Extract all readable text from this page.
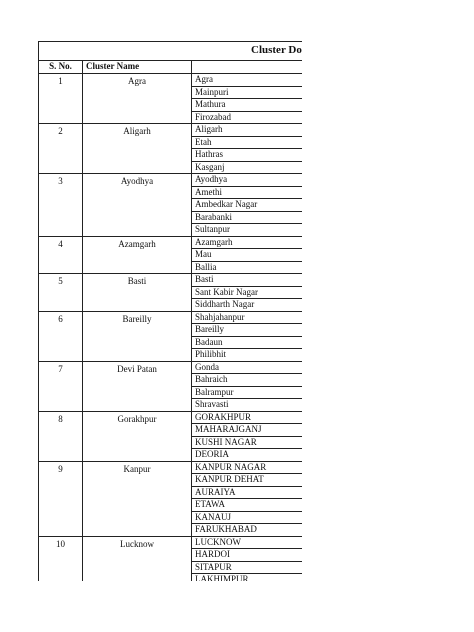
Cluster Do		

S. No.	Cluster Name	
1	Agra	Agra
		Mainpuri
		Mathura
		Firozabad
2	Aligarh	Aligarh
		Etah
		Hathras
		Kasganj
3	Ayodhya	Ayodhya
		Amethi
		Ambedkar Nagar
		Barabanki
		Sultanpur
4	Azamgarh	Azamgarh
		Mau
		Ballia
5	Basti	Basti
		Sant Kabir Nagar
		Siddharth Nagar
6	Bareilly	Shahjahanpur
		Bareilly
		Badaun
		Philibhit
7	Devi Patan	Gonda
		Bahraich
		Balrampur
		Shravasti
8	Gorakhpur	GORAKHPUR
		MAHARAJGANJ
		KUSHI NAGAR
		DEORIA
9	Kanpur	KANPUR NAGAR
		KANPUR DEHAT
		AURAIYA
		ETAWA
		KANAUJ
		FARUKHABAD
10	Lucknow	LUCKNOW
		HARDOI
		SITAPUR
		LAKHIMPUR
